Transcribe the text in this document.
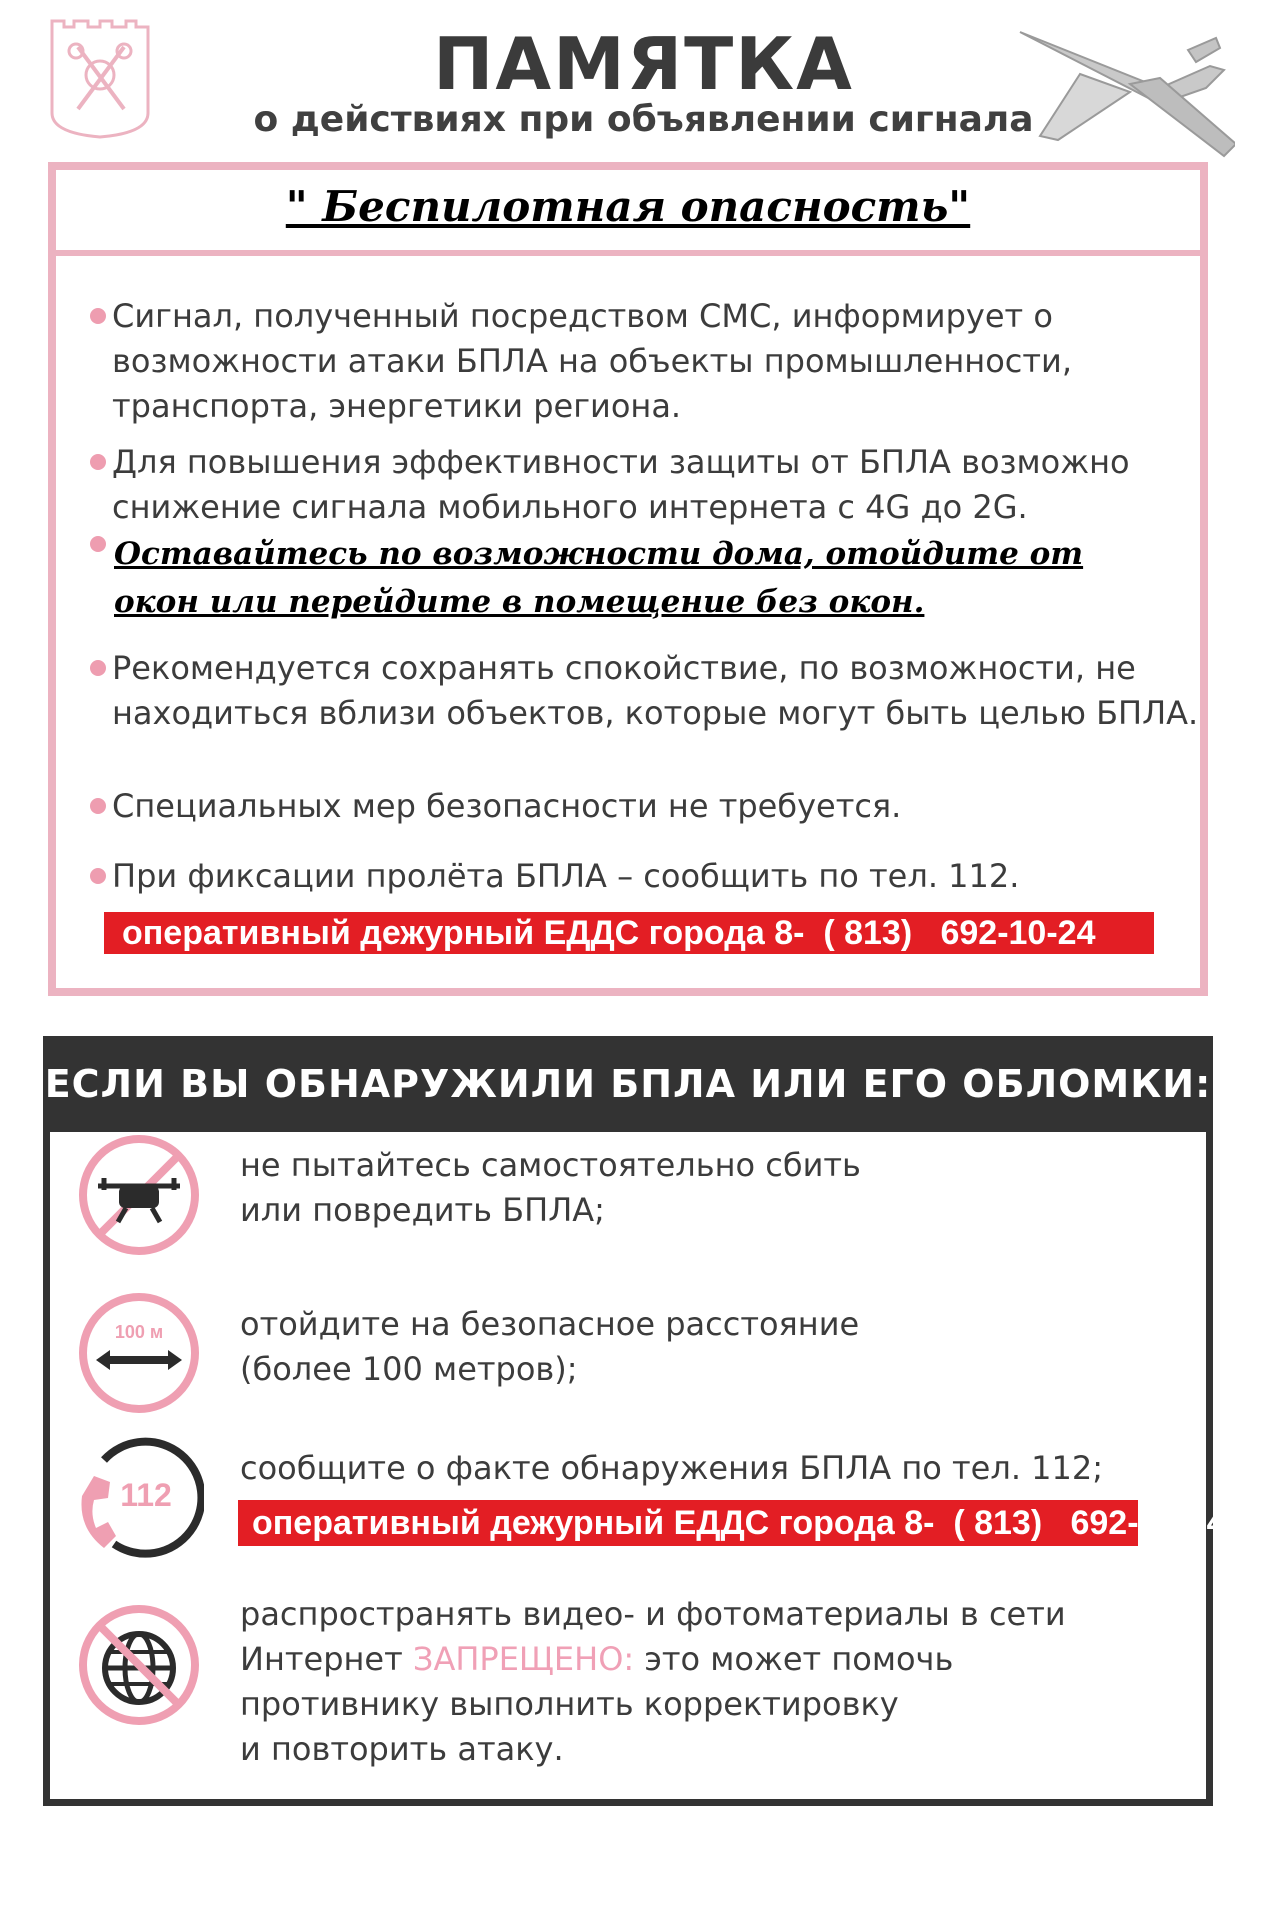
ПАМЯТКА
о действиях при объявлении сигнала
" Беспилотная опасность"
Сигнал, полученный посредством СМС, информирует о возможности атаки БПЛА на объекты промышленности, транспорта, энергетики региона.
Для повышения эффективности защиты от БПЛА возможно снижение сигнала мобильного интернета с 4G до 2G.
Оставайтесь по возможности дома, отойдите от окон или перейдите в помещение без окон.
Рекомендуется сохранять спокойствие, по возможности, не находиться вблизи объектов, которые могут быть целью БПЛА.
Специальных мер безопасности не требуется.
При фиксации пролёта БПЛА – сообщить по тел. 112.
оперативный дежурный ЕДДС города 8-  ( 813)   692-10-24
ЕСЛИ ВЫ ОБНАРУЖИЛИ БПЛА ИЛИ ЕГО ОБЛОМКИ:
не пытайтесь самостоятельно сбить
или повредить БПЛА;
100 м отойдите на безопасное расстояние
(более 100 метров);
112
сообщите о факте обнаружения БПЛА по тел. 112;
оперативный дежурный ЕДДС города 8-  ( 813)   692-10-24
распространять видео- и фотоматериалы в сети
Интернет ЗАПРЕЩЕНО: это может помочь
противнику выполнить корректировку
и повторить атаку.
